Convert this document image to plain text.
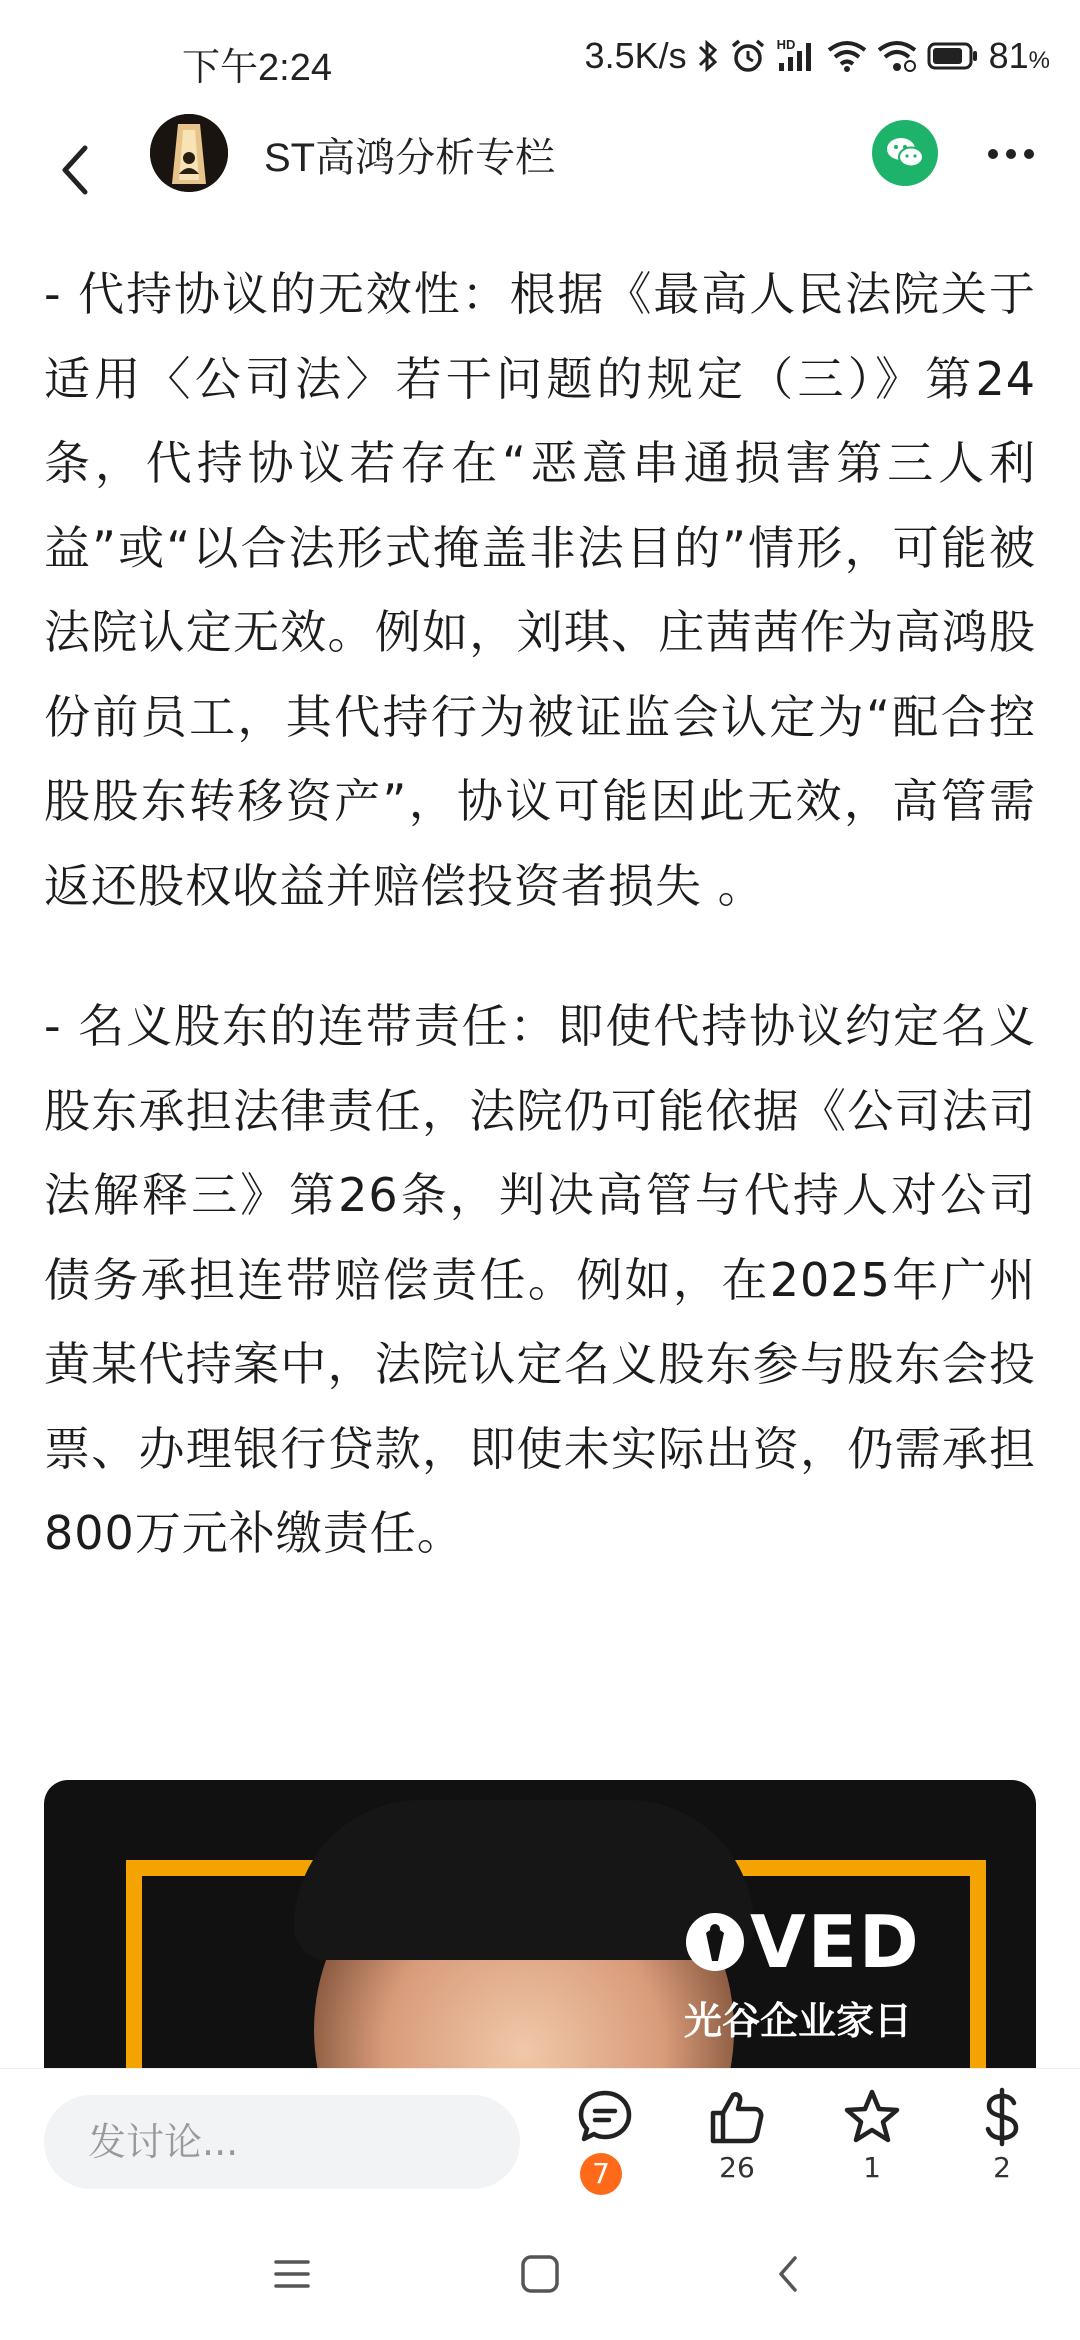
下午2:24	3.5K/s	HD	81%
ST高鸿分析专栏

- 代持协议的无效性：根据《最高人民法院关于适用〈公司法〉若干问题的规定（三）》第24条，代持协议若存在“恶意串通损害第三人利益”或“以合法形式掩盖非法目的”情形，可能被法院认定无效。例如，刘琪、庄茜茜作为高鸿股份前员工，其代持行为被证监会认定为“配合控股股东转移资产”，协议可能因此无效，高管需返还股权收益并赔偿投资者损失 。

- 名义股东的连带责任：即使代持协议约定名义股东承担法律责任，法院仍可能依据《公司法司法解释三》第26条，判决高管与代持人对公司债务承担连带赔偿责任。例如，在2025年广州黄某代持案中，法院认定名义股东参与股东会投票、办理银行贷款，即使未实际出资，仍需承担800万元补缴责任。

VED
光谷企业家日
发讨论...
7	26	1	2
